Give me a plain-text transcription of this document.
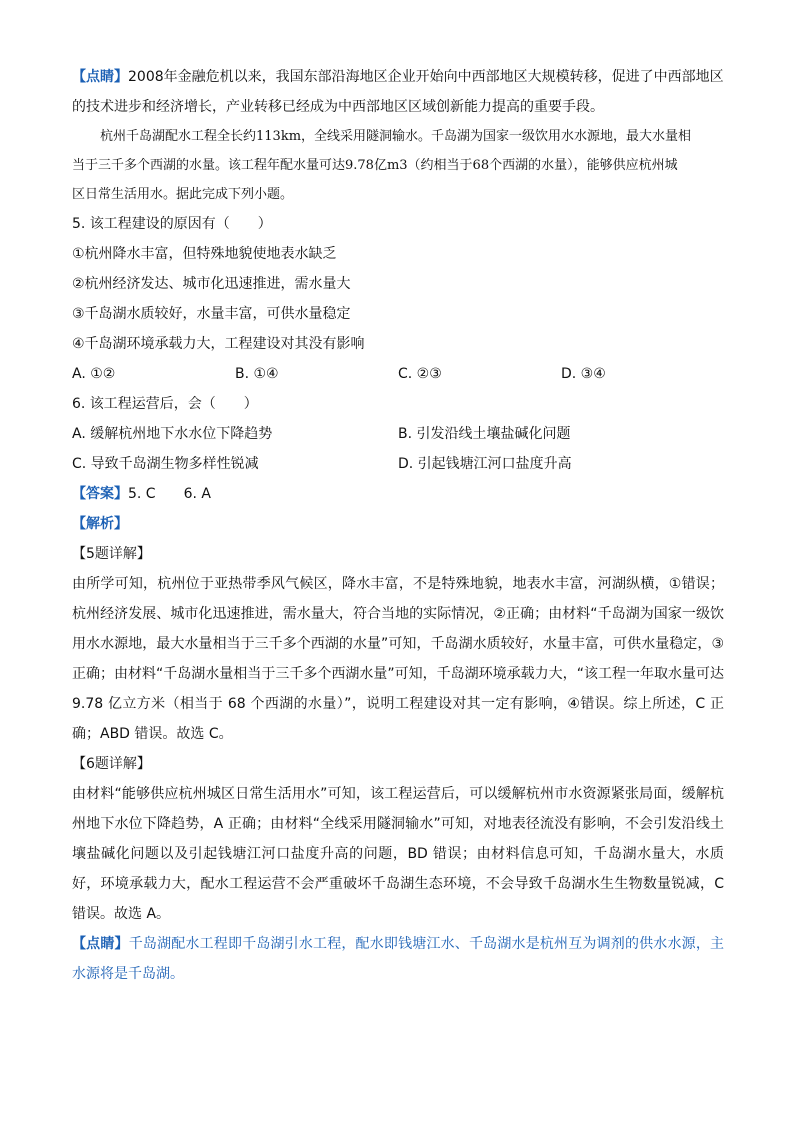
【点睛】2008年金融危机以来，我国东部沿海地区企业开始向中西部地区大规模转移，促进了中西部地区

的技术进步和经济增长，产业转移已经成为中西部地区区域创新能力提高的重要手段。

杭州千岛湖配水工程全长约113km，全线采用隧洞输水。千岛湖为国家一级饮用水水源地，最大水量相

当于三千多个西湖的水量。该工程年配水量可达9.78亿m3（约相当于68个西湖的水量），能够供应杭州城

区日常生活用水。据此完成下列小题。

5. 该工程建设的原因有（　　）

①杭州降水丰富，但特殊地貌使地表水缺乏

②杭州经济发达、城市化迅速推进，需水量大

③千岛湖水质较好，水量丰富，可供水量稳定

④千岛湖环境承载力大，工程建设对其没有影响

A. ①②	B. ①④	C. ②③	D. ③④

6. 该工程运营后，会（　　）

A. 缓解杭州地下水水位下降趋势	B. 引发沿线土壤盐碱化问题
C. 导致千岛湖生物多样性锐减	D. 引起钱塘江河口盐度升高

【答案】5. C　　6. A

【解析】

【5题详解】

由所学可知，杭州位于亚热带季风气候区，降水丰富，不是特殊地貌，地表水丰富，河湖纵横，①错误；杭州经济发展、城市化迅速推进，需水量大，符合当地的实际情况，②正确；由材料“千岛湖为国家一级饮用水水源地，最大水量相当于三千多个西湖的水量”可知，千岛湖水质较好，水量丰富，可供水量稳定，③正确；由材料“千岛湖水量相当于三千多个西湖水量”可知，千岛湖环境承载力大，“该工程一年取水量可达 9.78 亿立方米（相当于 68 个西湖的水量）”，说明工程建设对其一定有影响，④错误。综上所述，C 正确；ABD 错误。故选 C。

【6题详解】

由材料“能够供应杭州城区日常生活用水”可知，该工程运营后，可以缓解杭州市水资源紧张局面，缓解杭州地下水位下降趋势，A 正确；由材料“全线采用隧洞输水”可知，对地表径流没有影响，不会引发沿线土壤盐碱化问题以及引起钱塘江河口盐度升高的问题，BD 错误；由材料信息可知，千岛湖水量大，水质好，环境承载力大，配水工程运营不会严重破坏千岛湖生态环境，不会导致千岛湖水生生物数量锐减，C 错误。故选 A。

【点睛】千岛湖配水工程即千岛湖引水工程，配水即钱塘江水、千岛湖水是杭州互为调剂的供水水源，主水源将是千岛湖。
